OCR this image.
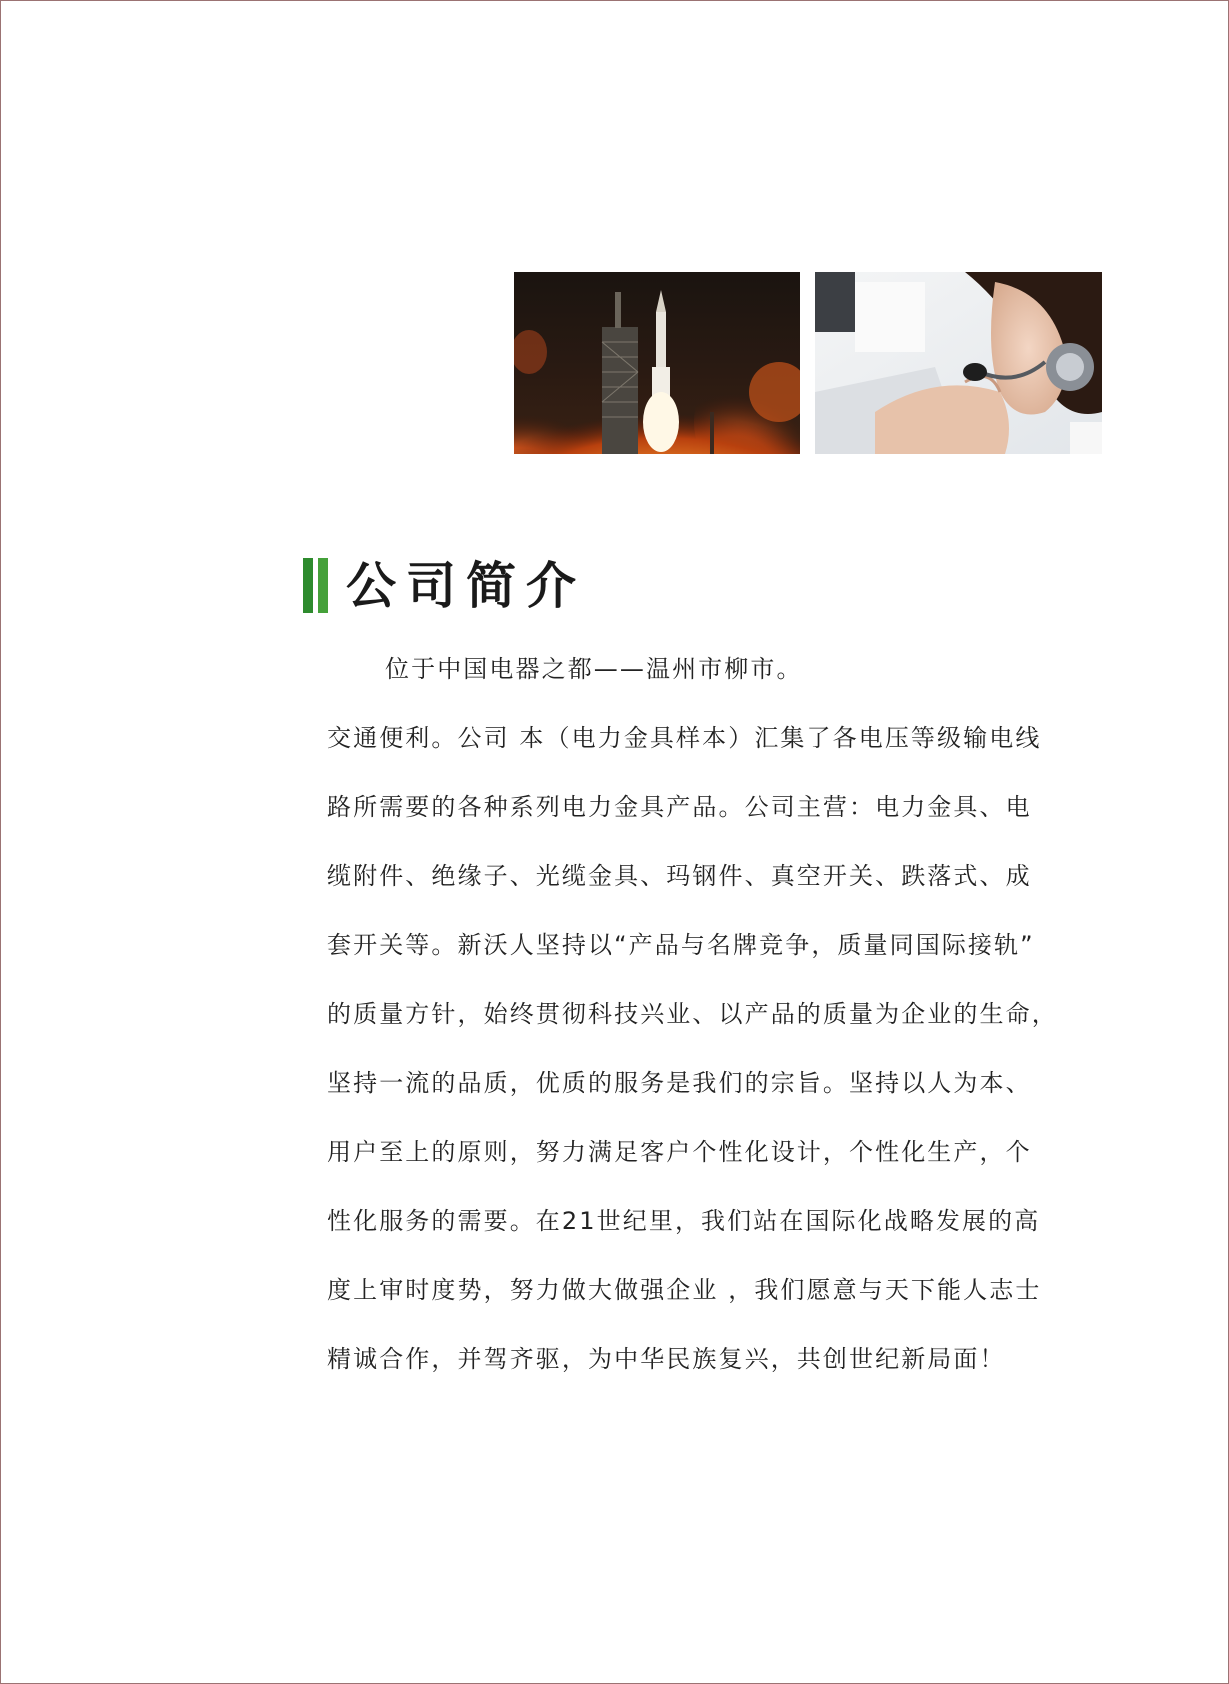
公司简介
位于中国电器之都——温州市柳市。
交通便利。公司 本（电力金具样本）汇集了各电压等级输电线
路所需要的各种系列电力金具产品。公司主营：电力金具、电
缆附件、绝缘子、光缆金具、玛钢件、真空开关、跌落式、成
套开关等。新沃人坚持以“产品与名牌竞争，质量同国际接轨”
的质量方针，始终贯彻科技兴业、以产品的质量为企业的生命，
坚持一流的品质，优质的服务是我们的宗旨。坚持以人为本、
用户至上的原则，努力满足客户个性化设计，个性化生产，个
性化服务的需要。在21世纪里，我们站在国际化战略发展的高
度上审时度势，努力做大做强企业 ，我们愿意与天下能人志士
精诚合作，并驾齐驱，为中华民族复兴，共创世纪新局面！
